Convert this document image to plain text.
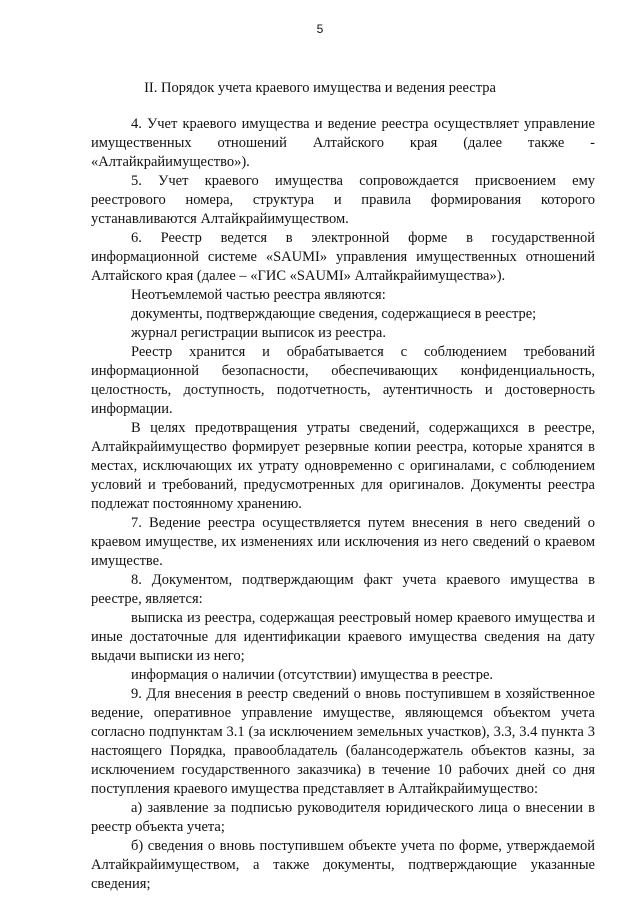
5
II. Порядок учета краевого имущества и ведения реестра

4. Учет краевого имущества и ведение реестра осуществляет управление имущественных отношений Алтайского края (далее также - «Алтайкрайимущество»).

5. Учет краевого имущества сопровождается присвоением ему реестрового номера, структура и правила формирования которого устанавливаются Алтайкрайимуществом.

6. Реестр ведется в электронной форме в государственной информационной системе «SAUMI» управления имущественных отношений Алтайского края (далее – «ГИС «SAUMI» Алтайкрайимущества»).

Неотъемлемой частью реестра являются:

документы, подтверждающие сведения, содержащиеся в реестре;

журнал регистрации выписок из реестра.

Реестр хранится и обрабатывается с соблюдением требований информационной безопасности, обеспечивающих конфиденциальность, целостность, доступность, подотчетность, аутентичность и достоверность информации.

В целях предотвращения утраты сведений, содержащихся в реестре, Алтайкрайимущество формирует резервные копии реестра, которые хранятся в местах, исключающих их утрату одновременно с оригиналами, с соблюдением условий и требований, предусмотренных для оригиналов. Документы реестра подлежат постоянному хранению.

7. Ведение реестра осуществляется путем внесения в него сведений о краевом имуществе, их изменениях или исключения из него сведений о краевом имуществе.

8. Документом, подтверждающим факт учета краевого имущества в реестре, является:

выписка из реестра, содержащая реестровый номер краевого имущества и иные достаточные для идентификации краевого имущества сведения на дату выдачи выписки из него;

информация о наличии (отсутствии) имущества в реестре.

9. Для внесения в реестр сведений о вновь поступившем в хозяйственное ведение, оперативное управление имуществе, являющемся объектом учета согласно подпунктам 3.1 (за исключением земельных участков), 3.3, 3.4 пункта 3 настоящего Порядка, правообладатель (балансодержатель объектов казны, за исключением государственного заказчика) в течение 10 рабочих дней со дня поступления краевого имущества представляет в Алтайкрайимущество:

а) заявление за подписью руководителя юридического лица о внесении в реестр объекта учета;

б) сведения о вновь поступившем объекте учета по форме, утверждаемой Алтайкрайимуществом, а также документы, подтверждающие указанные сведения;
